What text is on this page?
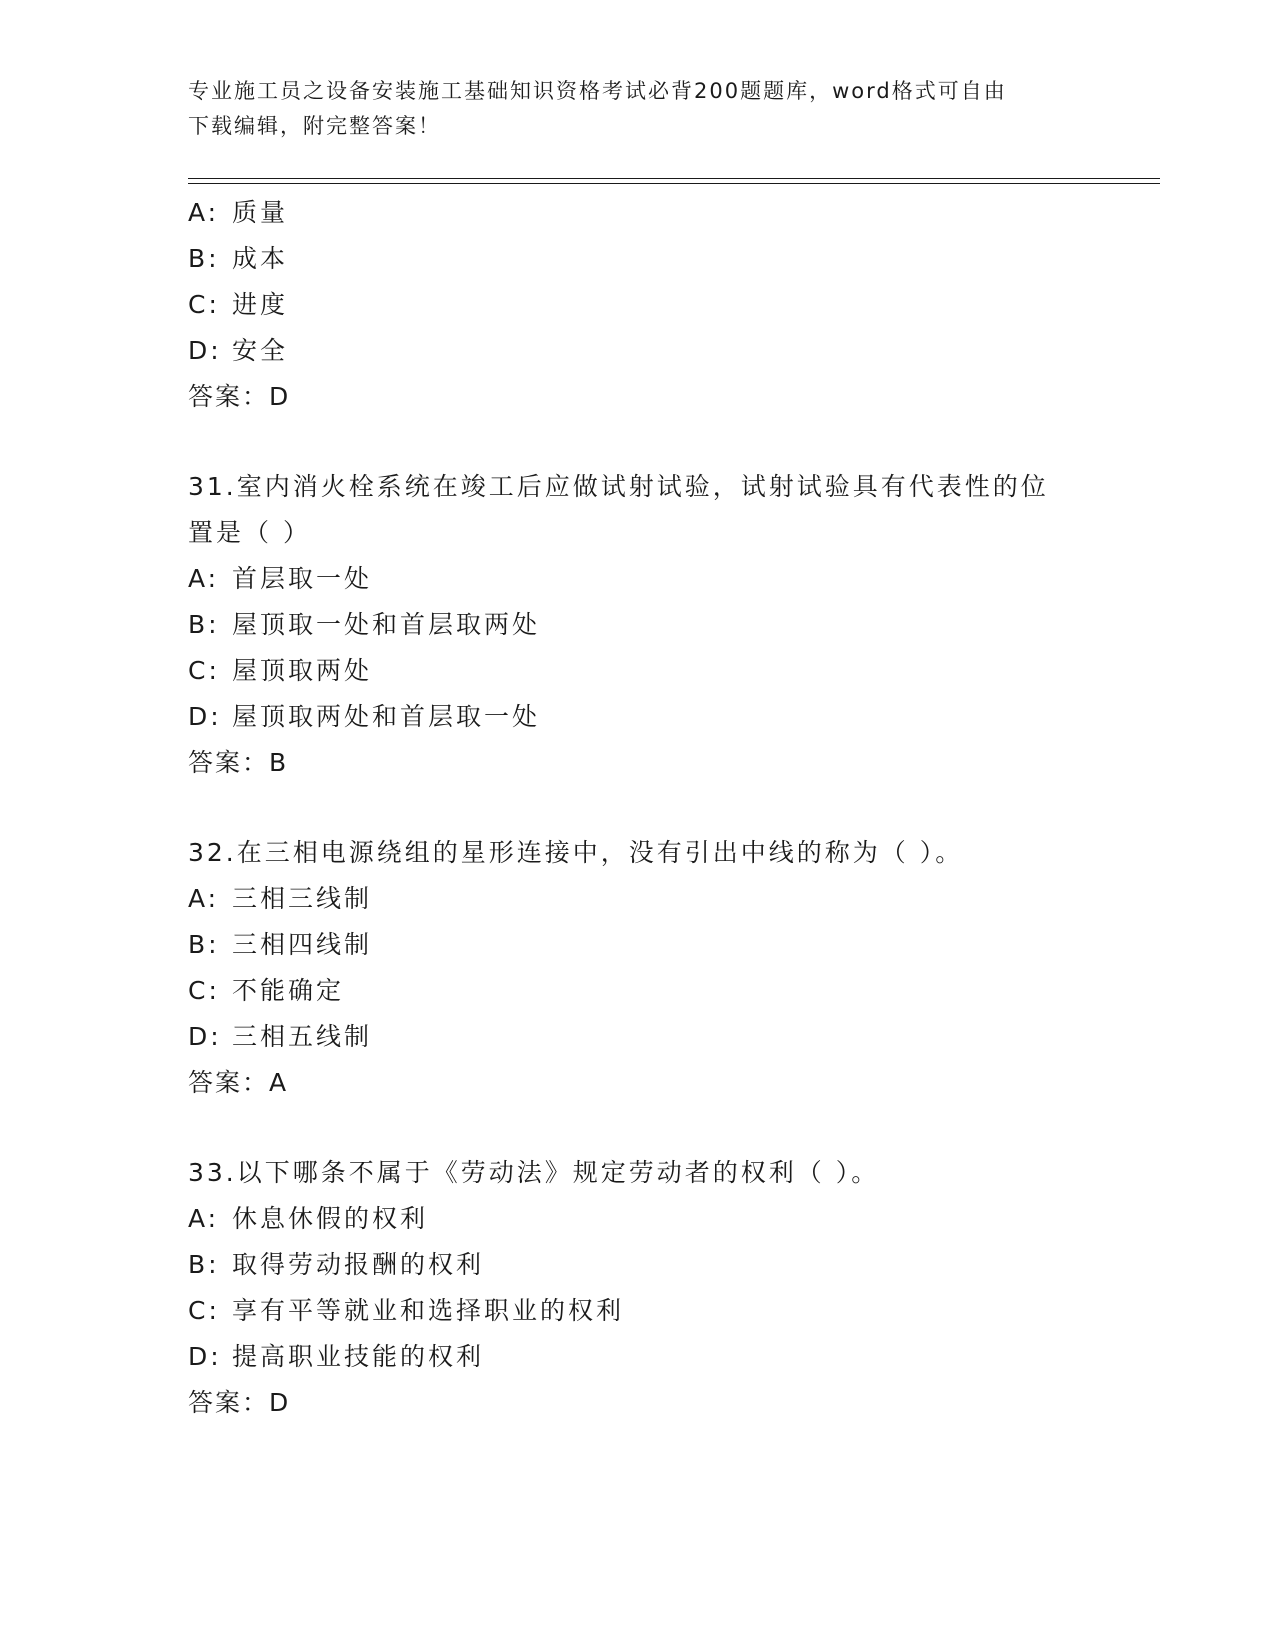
专业施工员之设备安装施工基础知识资格考试必背200题题库，word格式可自由
下载编辑，附完整答案！
A: 质量
B: 成本
C: 进度
D: 安全
答案：D
31.室内消火栓系统在竣工后应做试射试验，试射试验具有代表性的位
置是（ ）
A: 首层取一处
B: 屋顶取一处和首层取两处
C: 屋顶取两处
D: 屋顶取两处和首层取一处
答案：B
32.在三相电源绕组的星形连接中，没有引出中线的称为（ ）。
A: 三相三线制
B: 三相四线制
C: 不能确定
D: 三相五线制
答案：A
33.以下哪条不属于《劳动法》规定劳动者的权利（ ）。
A: 休息休假的权利
B: 取得劳动报酬的权利
C: 享有平等就业和选择职业的权利
D: 提高职业技能的权利
答案：D
